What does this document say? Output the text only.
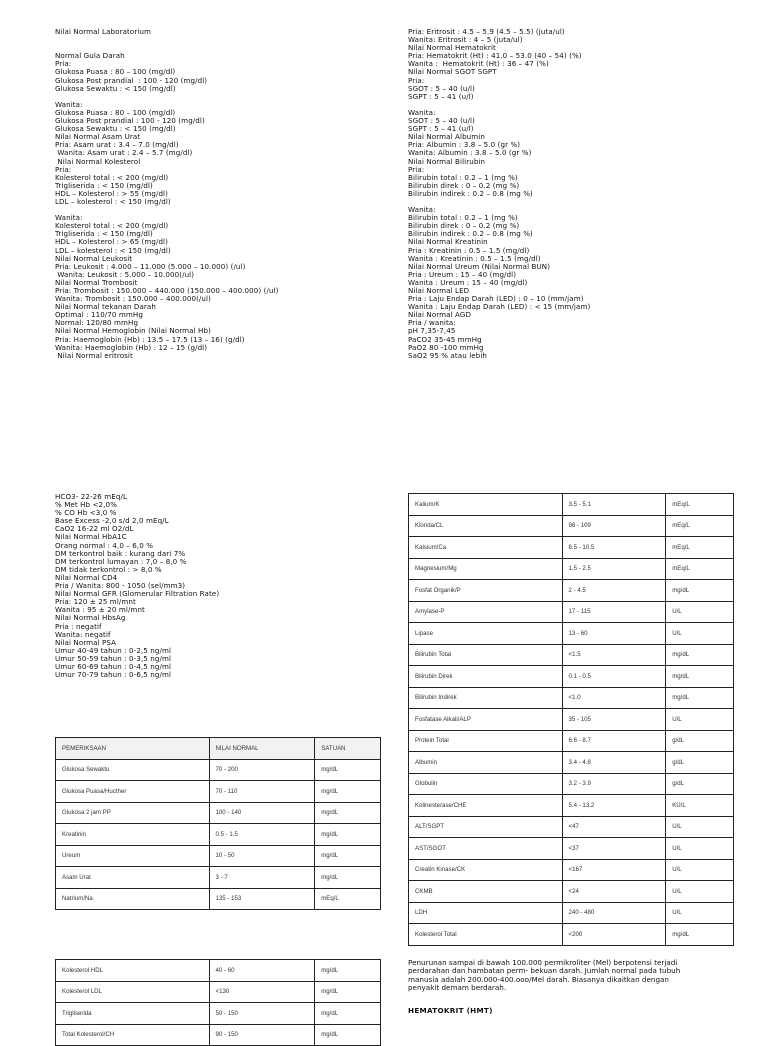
Nilai Normal Laboratorium
Normal Gula Darah
Pria:
Glukosa Puasa : 80 – 100 (mg/dl)
Glukosa Post prandial  : 100 - 120 (mg/dl)
Glukosa Sewaktu : < 150 (mg/dl)
Wanita:
Glukosa Puasa : 80 – 100 (mg/dl)
Glukosa Post prandial : 100 - 120 (mg/dl)
Glukosa Sewaktu : < 150 (mg/dl)
Nilai Normal Asam Urat
Pria: Asam urat : 3.4 – 7.0 (mg/dl)
Wanita: Asam urat : 2.4 – 5.7 (mg/dl)
Nilai Normal Kolesterol
Pria:
Kolesterol total : < 200 (mg/dl)
Trigliserida : < 150 (mg/dl)
HDL – Kolesterol : > 55 (mg/dl)
LDL – kolesterol : < 150 (mg/dl)
Wanita:
Kolesterol total : < 200 (mg/dl)
Trigliserida : < 150 (mg/dl)
HDL – Kolesterol : > 65 (mg/dl)
LDL – kolesterol : < 150 (mg/dl)
Nilai Normal Leukosit
Pria: Leukosit : 4.000 – 11.000 (5.000 – 10.000) (/ul)
Wanita: Leukosit : 5.000 – 10.000(/ul)
Nilai Normal Trombosit
Pria: Trombosit : 150.000 – 440.000 (150.000 – 400.000) (/ul)
Wanita: Trombosit : 150.000 – 400.000(/ul)
Nilai Normal tekanan Darah
Optimal : 110/70 mmHg
Normal: 120/80 mmHg
Nilai Normal Hemoglobin (Nilai Normal Hb)
Pria: Haemoglobin (Hb) : 13.5 – 17.5 (13 – 16) (g/dl)
Wanita: Haemoglobin (Hb) : 12 – 15 (g/dl)
Nilai Normal eritrosit
Pria: Eritrosit : 4.5 – 5.9 (4.5 – 5.5) (juta/ul)
Wanita: Eritrosit : 4 – 5 (juta/ul)
Nilai Normal Hematokrit
Pria: Hematokrit (Ht) : 41.0 – 53.0 (40 – 54) (%)
Wanita :  Hematokrit (Ht) : 36 – 47 (%)
Nilai Normal SGOT SGPT
Pria:
SGOT : 5 – 40 (u/l)
SGPT : 5 – 41 (u/l)
Wanita:
SGOT : 5 – 40 (u/l)
SGPT : 5 – 41 (u/l)
Nilai Normal Albumin
Pria: Albumin : 3.8 – 5.0 (gr %)
Wanita: Albumin : 3.8 – 5.0 (gr %)
Nilai Normal Bilirubin
Pria:
Bilirubin total : 0.2 – 1 (mg %)
Bilirubin direk : 0 – 0.2 (mg %)
Bilirubin indirek : 0.2 – 0.8 (mg %)
Wanita:
Bilirubin total : 0.2 – 1 (mg %)
Bilirubin direk : 0 – 0.2 (mg %)
Bilirubin indirek : 0.2 – 0.8 (mg %)
Nilai Normal Kreatinin
Pria : Kreatinin : 0.5 – 1.5 (mg/dl)
Wanita : Kreatinin : 0.5 – 1.5 (mg/dl)
Nilai Normal Ureum (Nilai Normal BUN)
Pria : Ureum : 15 – 40 (mg/dl)
Wanita : Ureum : 15 – 40 (mg/dl)
Nilai Normal LED
Pria : Laju Endap Darah (LED) : 0 – 10 (mm/jam)
Wanita : Laju Endap Darah (LED) : < 15 (mm/jam)
Nilai Normal AGD
Pria / wanita:
pH 7,35-7,45
PaCO2 35-45 mmHg
PaO2 80 -100 mmHg
SaO2 95 % atau lebih
HCO3- 22-26 mEq/L
% Met Hb <2,0%
% CO Hb <3,0 %
Base Excess -2,0 s/d 2,0 mEq/L
CaO2 16-22 ml O2/dL
Nilai Normal HbA1C
Orang normal : 4,0 – 6,0 %
DM terkontrol baik : kurang dari 7%
DM terkontrol lumayan : 7,0 – 8,0 %
DM tidak terkontrol : > 8,0 %
Nilai Normal CD4
Pria / Wanita: 800 - 1050 (sel/mm3)
Nilai Normal GFR (Glomerular Filtration Rate)
Pria: 120 ± 25 ml/mnt
Wanita : 95 ± 20 ml/mnt
Nilai Normal HbsAg
Pria : negatif
Wanita: negatif
Nilai Normal PSA
Umur 40-49 tahun : 0-2,5 ng/ml
Umur 50-59 tahun : 0-3,5 ng/ml
Umur 60-69 tahun : 0-4,5 ng/ml
Umur 70-79 tahun : 0-6,5 ng/ml
PEMERIKSAAN	NILAI NORMAL	SATUAN
Glukosa Sewaktu	70 - 200	mg/dL
Glukosa Puasa/Hucther	70 - 110	mg/dL
Glukosa 2 jam PP	100 - 140	mg/dL
Kreatinin	0.5 - 1.5	mg/dL
Ureum	10 - 50	mg/dL
Asam Urat	3 - 7	mg/dL
Natrium/Na	135 - 153	mEq/L
Kalium/K	3.5 - 5.1	mEq/L
Klorida/CL	98 - 109	mEq/L
Kalsium/Ca	8.5 - 10.5	mEq/L
Magnesium/Mg	1.5 - 2.5	mEq/L
Fosfat Organik/P	2 - 4.5	mg/dL
Amylase-P	17 - 115	U/L
Lipase	13 - 60	U/L
Bilirubin Total	<1.5	mg/dL
Bilirubin Direk	0.1 - 0.5	mg/dL
Bilirubin Indirek	<1.0	mg/dL
Fosfatase Alkali/ALP	35 - 105	U/L
Protein Total	6.6 - 8.7	g/dL
Albumin	3.4 - 4.8	g/dL
Globulin	3.2 - 3.9	g/dL
Kolinesterase/CHE	5.4 - 13.2	KU/L
ALT/SGPT	<47	U/L
AST/SGOT	<37	U/L
Creatin Kinase/CK	<167	U/L
CKMB	<24	U/L
LDH	240 - 480	U/L
Kolesterol Total	<200	mg/dL
Kolesterol HDL	40 - 60	mg/dL
Kolesterol LDL	<130	mg/dL
Trigliserida	50 - 150	mg/dL
Total Kolesterol/CH	90 - 150	mg/dL
Penurunan sampai di bawah 100.000 permikroliter (Mel) berpotensi terjadi
perdarahan dan hambatan perm- bekuan darah. Jumlah normal pada tubuh
manusia adalah 200.000-400.ooo/Mel darah. Biasanya dikaitkan dengan
penyakit demam berdarah.
HEMATOKRIT (HMT)
